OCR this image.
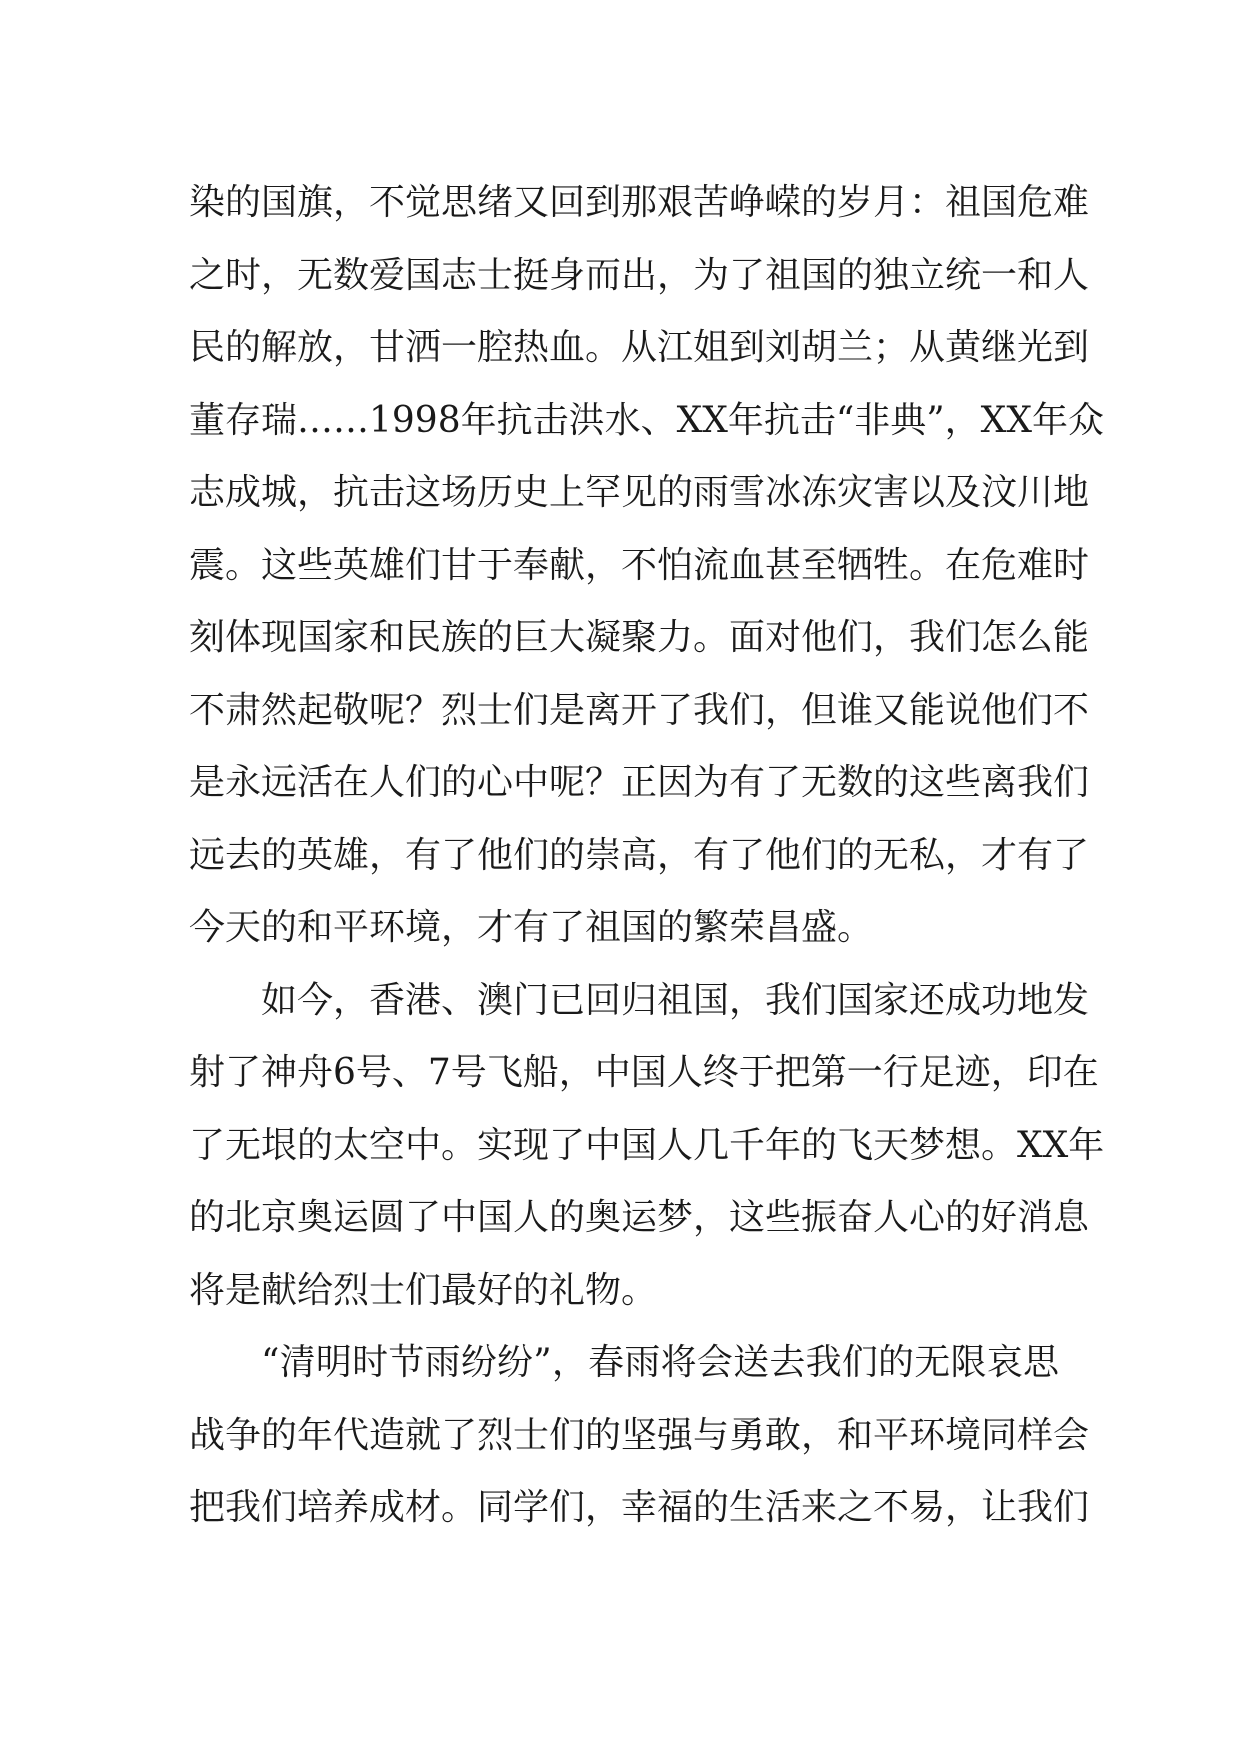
染的国旗，不觉思绪又回到那艰苦峥嵘的岁月：祖国危难
之时，无数爱国志士挺身而出，为了祖国的独立统一和人
民的解放，甘洒一腔热血。从江姐到刘胡兰；从黄继光到
董存瑞……1998年抗击洪水、XX年抗击“非典”，XX年众
志成城，抗击这场历史上罕见的雨雪冰冻灾害以及汶川地
震。这些英雄们甘于奉献，不怕流血甚至牺牲。在危难时
刻体现国家和民族的巨大凝聚力。面对他们，我们怎么能
不肃然起敬呢？烈士们是离开了我们，但谁又能说他们不
是永远活在人们的心中呢？正因为有了无数的这些离我们
远去的英雄，有了他们的崇高，有了他们的无私，才有了
今天的和平环境，才有了祖国的繁荣昌盛。
如今，香港、澳门已回归祖国，我们国家还成功地发
射了神舟6号、7号飞船，中国人终于把第一行足迹，印在
了无垠的太空中。实现了中国人几千年的飞天梦想。XX年
的北京奥运圆了中国人的奥运梦，这些振奋人心的好消息
将是献给烈士们最好的礼物。
“清明时节雨纷纷”，春雨将会送去我们的无限哀思
战争的年代造就了烈士们的坚强与勇敢，和平环境同样会
把我们培养成材。同学们，幸福的生活来之不易，让我们
